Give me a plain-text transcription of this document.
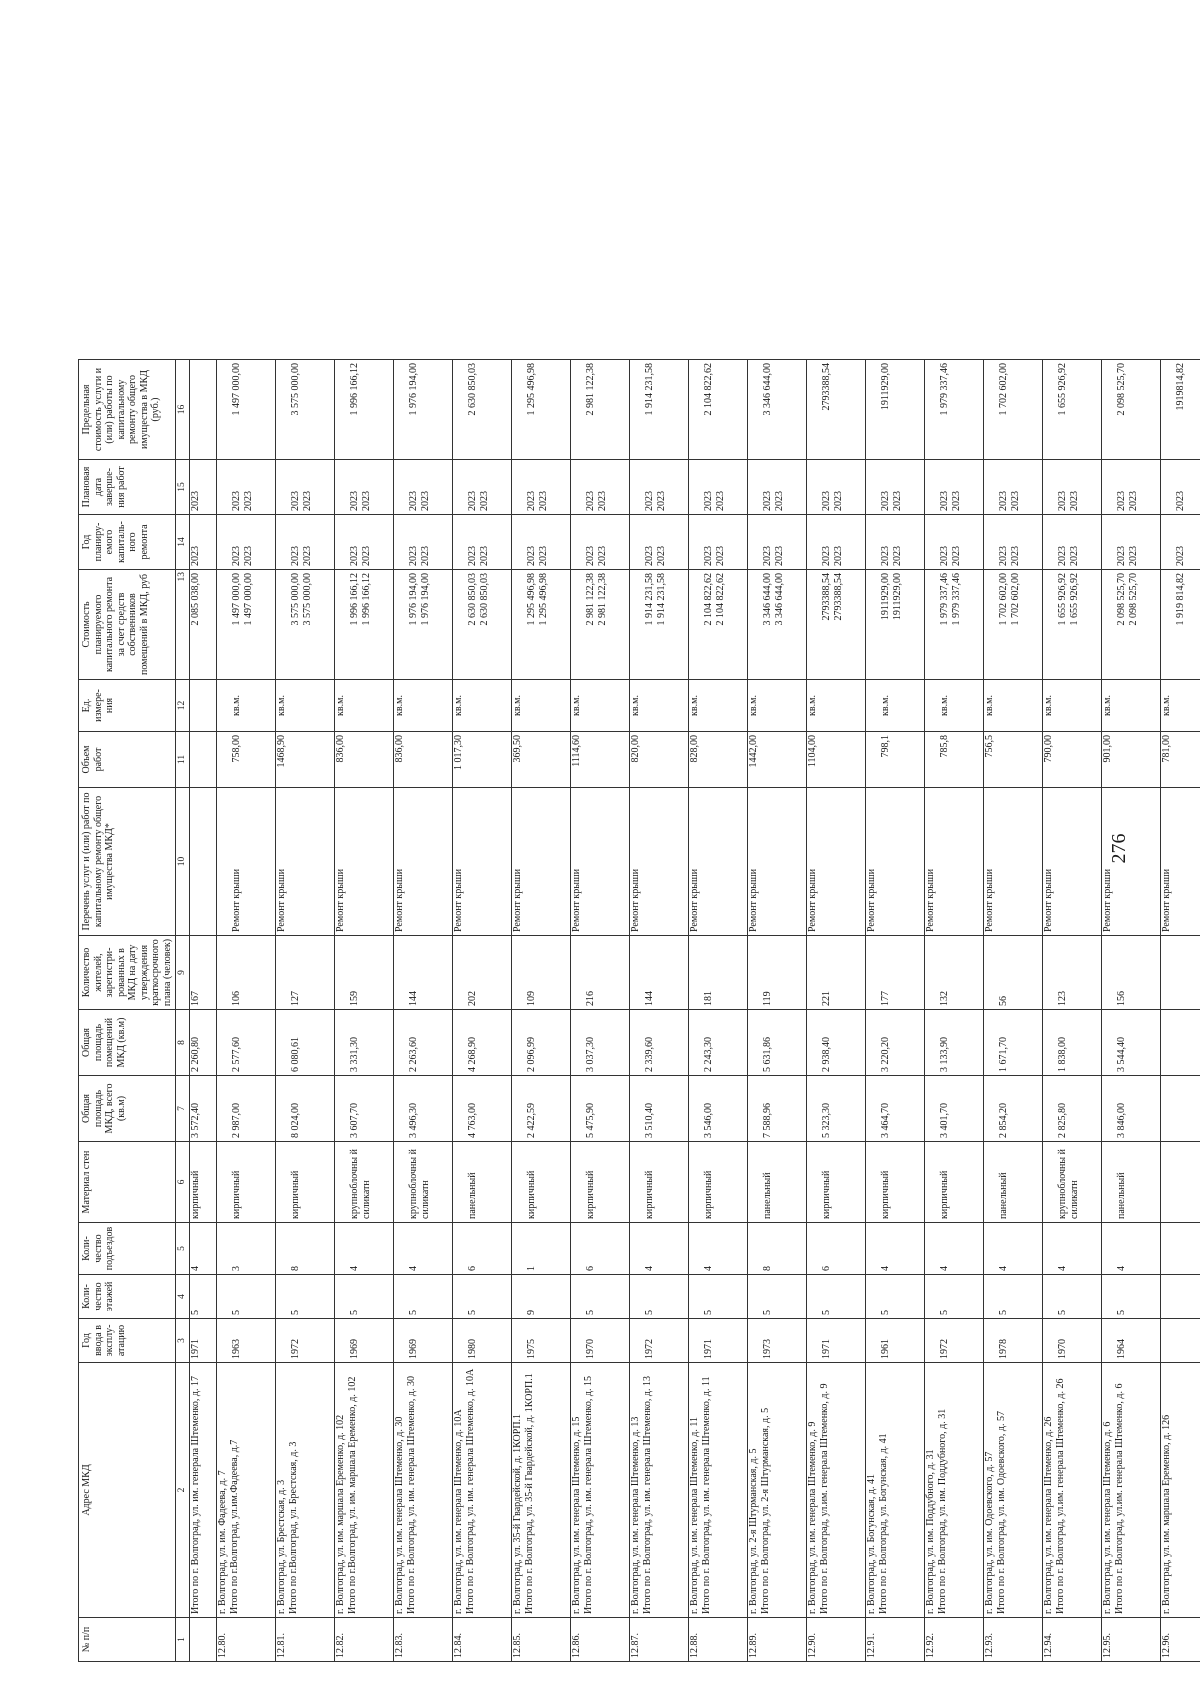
276
№ п/п	Адрес МКД	Год ввода в эксплу-атацию	Коли-чество этажей	Коли-чество подъездов	Материал стен	Общая площадь МКД, всего (кв.м)	Общая площадь помещений МКД (кв.м)	Количество жителей, зарегистри-рованных в МКД на дату утверждения краткосрочного плана (человек)	Перечень услуг и (или) работ по капитальному ремонту общего имущества МКД*	Объем работ	Ед. измере-ния	Стоимость планируемого капитального ремонта за счет средств собственников помещений в МКД, руб	Год планиру-емого капиталь-ного ремонта	Плановая дата заверше-ния работ	Предельная стоимость услуги и (или) работы по капитальному ремонту общего имущества в МКД (руб.)
1	2	3	4	5	6	7	8	9	10	11	12	13	14	15	16
	Итого по г. Волгоград, ул. им. генерала Штеменко, д. 17	1971	5	4	кирпичный	3 572,40	2 260,80	167				2 085 038,00	2023	2023	

12.80.	г. Волгоград, ул. им. Фадеева, д. 7 Итого по г.Волгоград, ул.им.Фадеева, д.7	1963	5	3	кирпичный	2 987,00	2 577,60	106	Ремонт крыши	758,00	кв.м.	1 497 000,00 1 497 000,00	2023 2023	2023 2023	1 497 000,00

12.81.	г. Волгоград, ул. Брестская, д. 3 Итого по г.Волгоград, ул. Брестская, д. 3	1972	5	8	кирпичный	8 024,00	6 080,61	127	Ремонт крыши	1468,90	кв.м.	3 575 000,00 3 575 000,00	2023 2023	2023 2023	3 575 000,00

12.82.	г. Волгоград, ул. им. маршала Еременко, д. 102 Итого по г.Волгоград, ул. им. маршала Еременко, д. 102	1969	5	4	крупноблочны й силикатн	3 607,70	3 331,30	159	Ремонт крыши	836,00	кв.м.	1 996 166,12 1 996 166,12	2023 2023	2023 2023	1 996 166,12

12.83.	г. Волгоград, ул. им. генерала Штеменко, д. 30 Итого по г. Волгоград, ул. им. генерала Штеменко, д. 30	1969	5	4	крупноблочны й силикатн	3 496,30	2 263,60	144	Ремонт крыши	836,00	кв.м.	1 976 194,00 1 976 194,00	2023 2023	2023 2023	1 976 194,00

12.84.	г. Волгоград, ул. им. генерала Штеменко, д. 10А Итого по г. Волгоград, ул. им. генерала Штеменко, д. 10А	1980	5	6	панельный	4 763,00	4 268,90	202	Ремонт крыши	1 017,30	кв.м.	2 630 850,03 2 630 850,03	2023 2023	2023 2023	2 630 850,03

12.85.	г. Волгоград, ул. 35-й Гвардейской, д. 1КОРП.1 Итого по г. Волгоград, ул. 35-й Гвардейской, д. 1КОРП.1	1975	9	1	кирпичный	2 422,59	2 096,99	109	Ремонт крыши	369,50	кв.м.	1 295 496,98 1 295 496,98	2023 2023	2023 2023	1 295 496,98

12.86.	г. Волгоград, ул. им. генерала Штеменко, д. 15 Итого по г. Волгоград, ул. им. генерала Штеменко, д. 15	1970	5	6	кирпичный	5 475,90	3 037,30	216	Ремонт крыши	1114,60	кв.м.	2 981 122,38 2 981 122,38	2023 2023	2023 2023	2 981 122,38

12.87.	г. Волгоград, ул. им. генерала Штеменко, д. 13 Итого по г. Волгоград, ул. им. генерала Штеменко, д. 13	1972	5	4	кирпичный	3 510,40	2 339,60	144	Ремонт крыши	820,00	кв.м.	1 914 231,58 1 914 231,58	2023 2023	2023 2023	1 914 231,58

12.88.	г. Волгоград, ул. им. генерала Штеменко, д. 11 Итого по г. Волгоград, ул. им. генерала Штеменко, д. 11	1971	5	4	кирпичный	3 546,00	2 243,30	181	Ремонт крыши	828,00	кв.м.	2 104 822,62 2 104 822,62	2023 2023	2023 2023	2 104 822,62

12.89.	г. Волгоград, ул. 2-я Штурманская, д. 5 Итого по г. Волгоград, ул. 2-я Штурманская, д. 5	1973	5	8	панельный	7 588,96	5 631,86	119	Ремонт крыши	1442,00	кв.м.	3 346 644,00 3 346 644,00	2023 2023	2023 2023	3 346 644,00

12.90.	г. Волгоград, ул. им. генерала Штеменко, д. 9 Итого по г. Волгоград, ул.им. генерала Штеменко, д. 9	1971	5	6	кирпичный	5 323,30	2 938,40	221	Ремонт крыши	1104,00	кв.м.	2793388,54 2793388,54	2023 2023	2023 2023	2793388,54

12.91.	г. Волгоград, ул. Богунская, д. 41 Итого по г. Волгоград, ул. Богунская, д. 41	1961	5	4	кирпичный	3 464,70	3 220,20	177	Ремонт крыши	798,1	кв.м.	1911929,00 1911929,00	2023 2023	2023 2023	1911929,00

12.92.	г. Волгоград, ул. им. Поддубного, д. 31 Итого по г. Волгоград, ул. им. Поддубного, д. 31	1972	5	4	кирпичный	3 401,70	3 133,90	132	Ремонт крыши	785,8	кв.м.	1 979 337,46 1 979 337,46	2023 2023	2023 2023	1 979 337,46

12.93.	г. Волгоград, ул. им. Одоевского, д. 57 Итого по г. Волгоград, ул. им. Одоевского, д. 57	1978	5	4	панельный	2 854,20	1 671,70	56	Ремонт крыши	756,5	кв.м.	1 702 602,00 1 702 602,00	2023 2023	2023 2023	1 702 602,00

12.94.	г. Волгоград, ул. им. генерала Штеменко, д. 26 Итого по г. Волгоград, ул.им. генерала Штеменко, д. 26	1970	5	4	крупноблочны й силикатн	2 825,80	1 838,00	123	Ремонт крыши	790,00	кв.м.	1 655 926,92 1 655 926,92	2023 2023	2023 2023	1 655 926,92

12.95.	г. Волгоград, ул. им. генерала Штеменко, д. 6 Итого по г. Волгоград, ул.им. генерала Штеменко, д. 6	1964	5	4	панельный	3 846,00	3 544,40	156	Ремонт крыши	901,00	кв.м.	2 098 525,70 2 098 525,70	2023 2023	2023 2023	2 098 525,70

12.96.	г. Волгоград, ул. им. маршала Еременко, д. 126								Ремонт крыши	781,00	кв.м.	1 919 814,82	2023	2023	1919814,82
